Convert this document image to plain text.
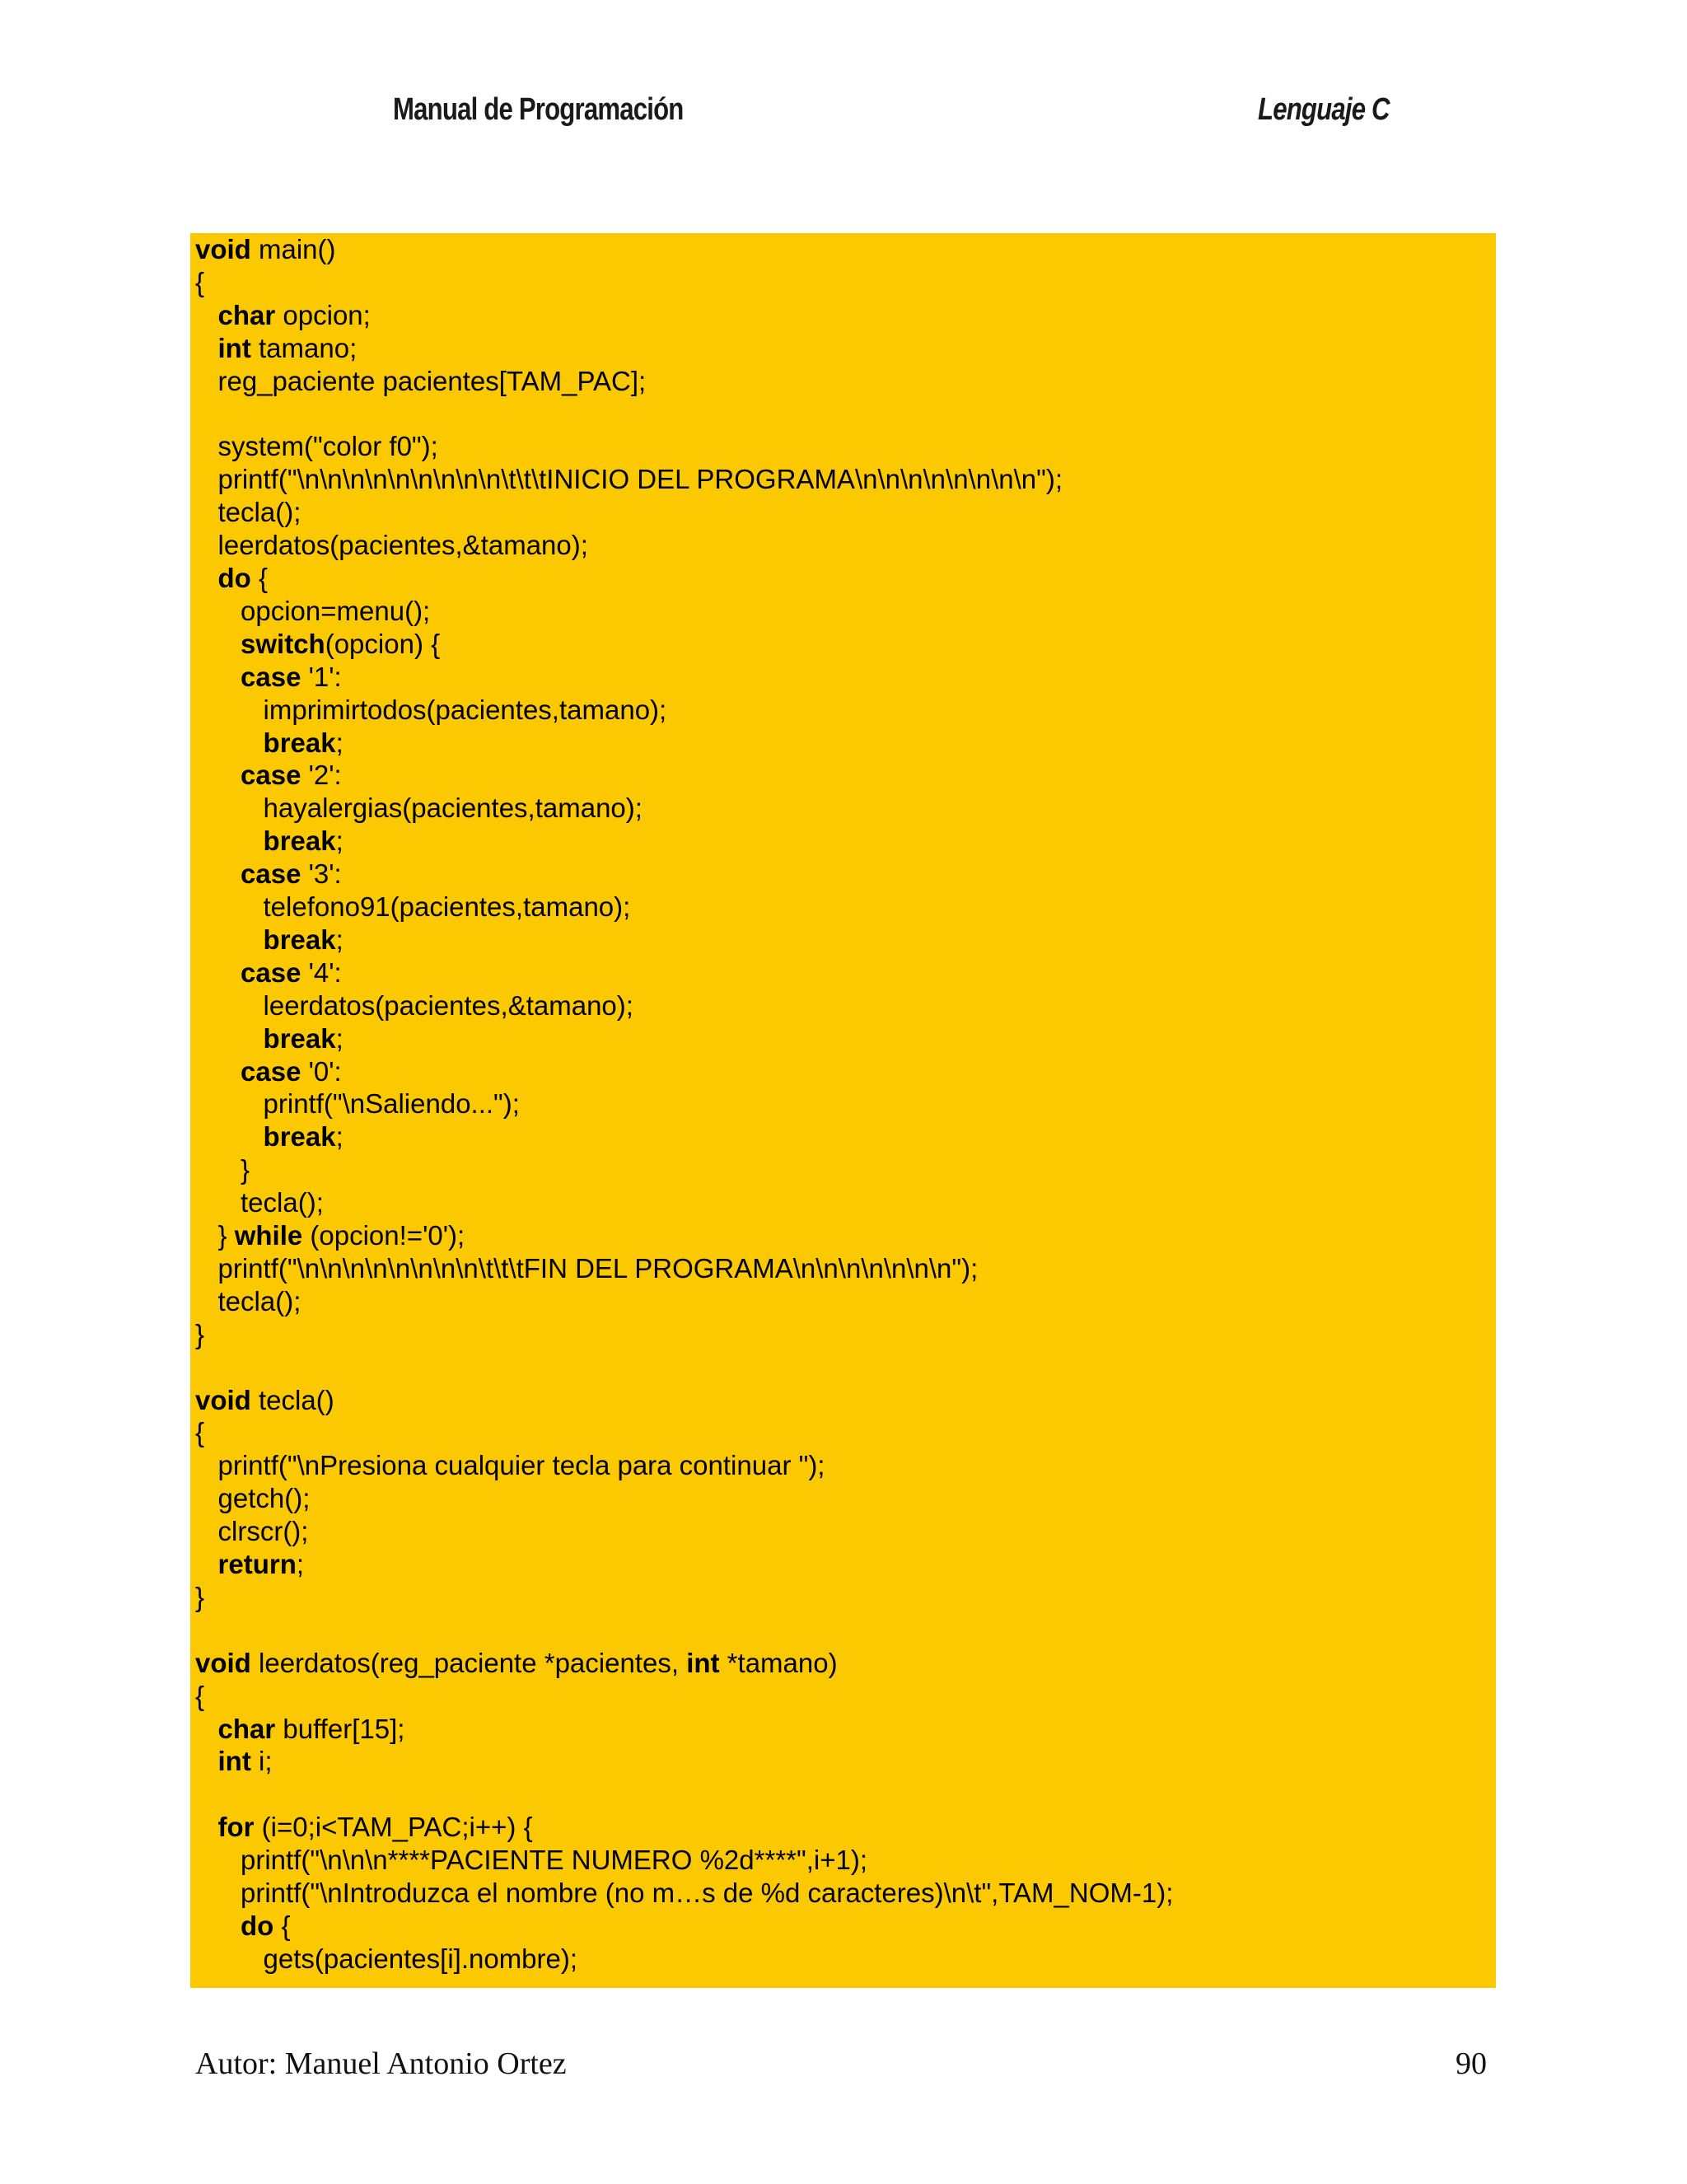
Manual de Programación	Lenguaje C
void main()
{
char opcion;
int tamano;
reg_paciente pacientes[TAM_PAC];
system("color f0");
printf("\n\n\n\n\n\n\n\n\n\t\t\tINICIO DEL PROGRAMA\n\n\n\n\n\n\n\n");
tecla();
leerdatos(pacientes,&tamano);
do {
opcion=menu();
switch(opcion) {
case '1':
imprimirtodos(pacientes,tamano);
break;
case '2':
hayalergias(pacientes,tamano);
break;
case '3':
telefono91(pacientes,tamano);
break;
case '4':
leerdatos(pacientes,&tamano);
break;
case '0':
printf("\nSaliendo...");
break;
}
tecla();
} while (opcion!='0');
printf("\n\n\n\n\n\n\n\n\t\t\tFIN DEL PROGRAMA\n\n\n\n\n\n\n");
tecla();
}
void tecla()
{
printf("\nPresiona cualquier tecla para continuar ");
getch();
clrscr();
return;
}
void leerdatos(reg_paciente *pacientes, int *tamano)
{
char buffer[15];
int i;
for (i=0;i<TAM_PAC;i++) {
printf("\n\n\n****PACIENTE NUMERO %2d****",i+1);
printf("\nIntroduzca el nombre (no m…s de %d caracteres)\n\t",TAM_NOM-1);
do {
gets(pacientes[i].nombre);
Autor: Manuel Antonio Ortez	90
